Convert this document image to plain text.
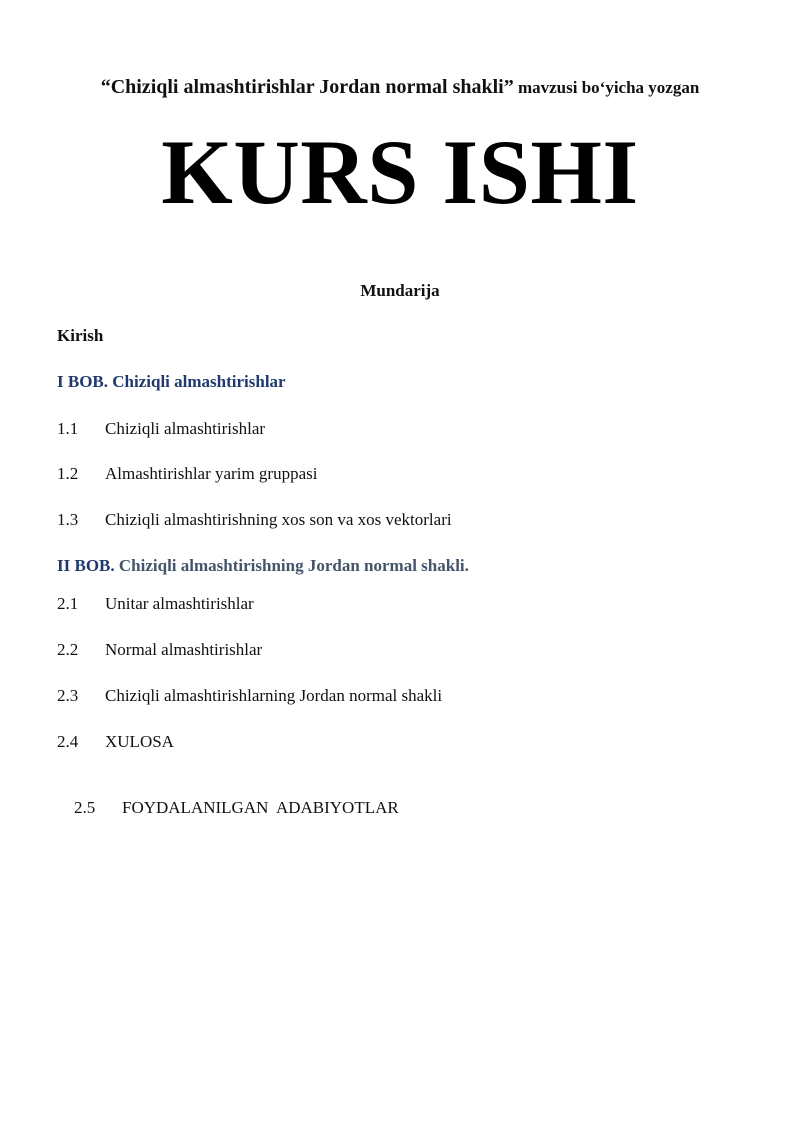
“Chiziqli almashtirishlar Jordan normal shakli” mavzusi bo‘yicha yozgan
KURS ISHI
Mundarija
Kirish
I BOB. Chiziqli almashtirishlar
1.1 Chiziqli almashtirishlar
1.2 Almashtirishlar yarim gruppasi
1.3 Chiziqli almashtirishning xos son va xos vektorlari
II BOB. Chiziqli almashtirishning Jordan normal shakli.
2.1 Unitar almashtirishlar
2.2 Normal almashtirishlar
2.3 Chiziqli almashtirishlarning Jordan normal shakli
2.4 XULOSA

2.5 FOYDALANILGAN  ADABIYOTLAR
